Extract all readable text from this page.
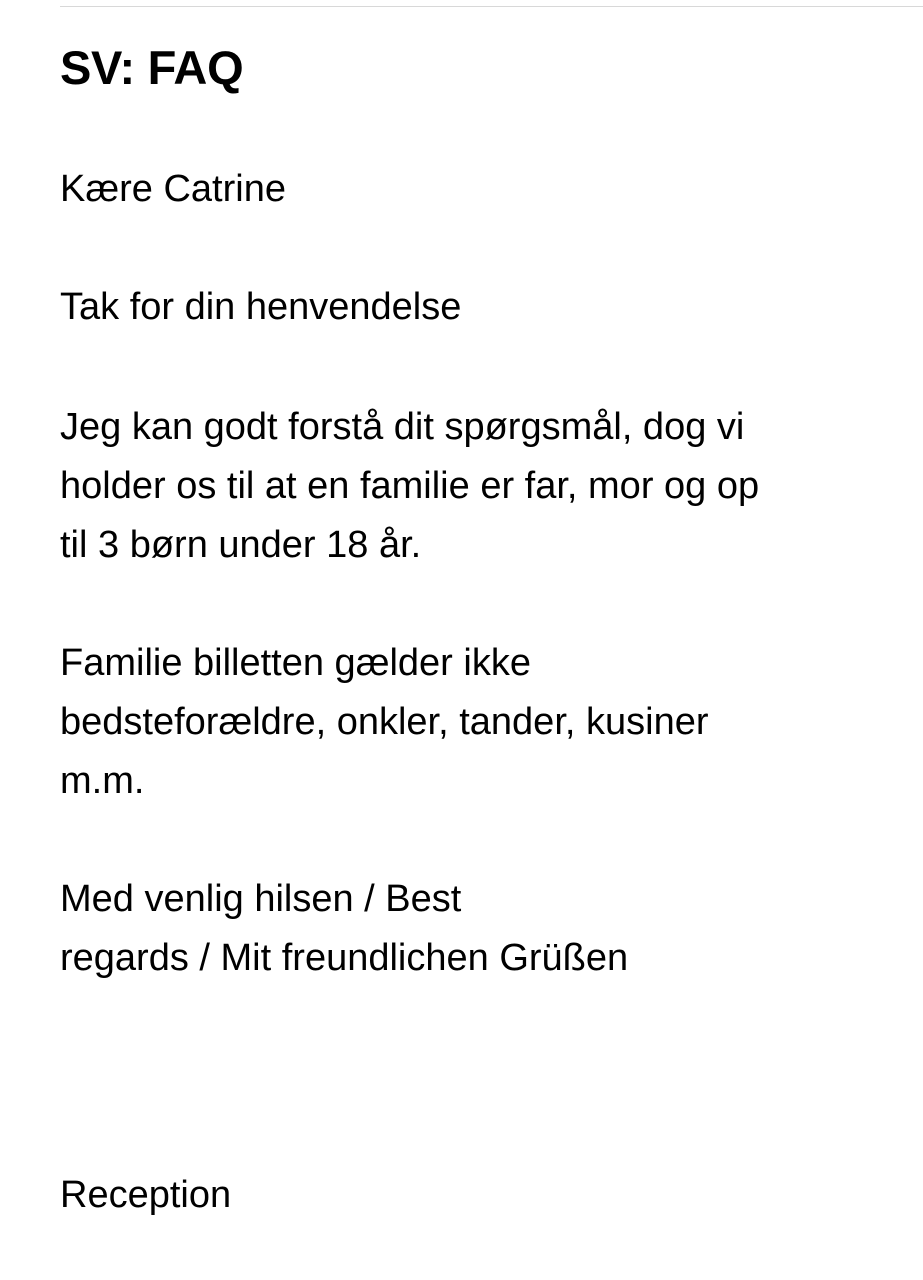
SV: FAQ

Kære Catrine

Tak for din henvendelse

Jeg kan godt forstå dit spørgsmål, dog vi
holder os til at en familie er far, mor og op
til 3 børn under 18 år.

Familie billetten gælder ikke
bedsteforældre, onkler, tander, kusiner
m.m.

Med venlig hilsen / Best
regards / Mit freundlichen Grüßen

Reception
